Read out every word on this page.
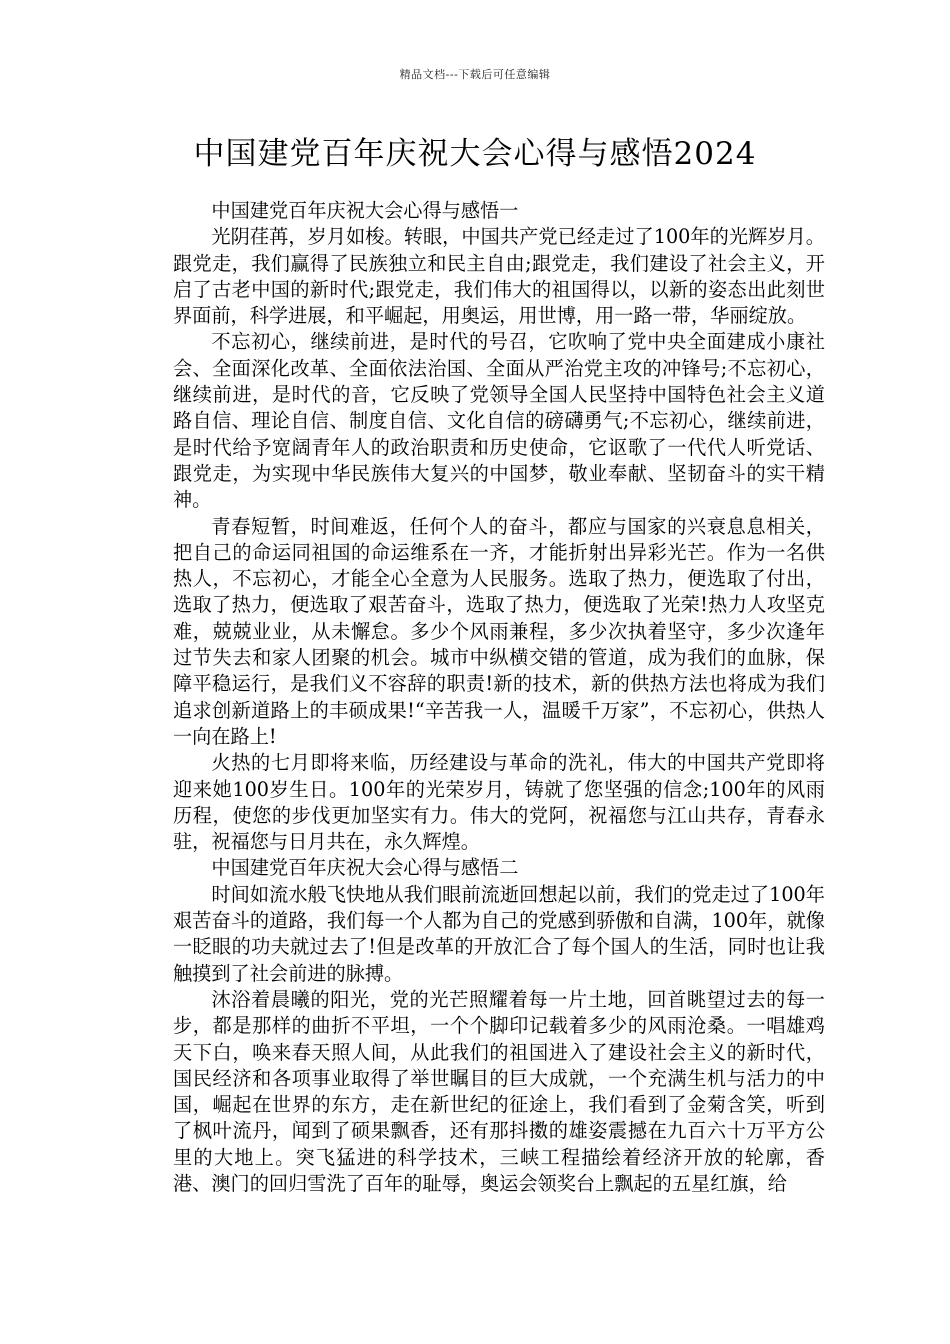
精品文档---下载后可任意编辑
中国建党百年庆祝大会心得与感悟2024

中国建党百年庆祝大会心得与感悟一

光阴荏苒，岁月如梭。转眼，中国共产党已经走过了100年的光辉岁月。跟党走，我们赢得了民族独立和民主自由;跟党走，我们建设了社会主义，开启了古老中国的新时代;跟党走，我们伟大的祖国得以，以新的姿态出此刻世界面前，科学进展，和平崛起，用奥运，用世博，用一路一带，华丽绽放。

不忘初心，继续前进，是时代的号召，它吹响了党中央全面建成小康社会、全面深化改革、全面依法治国、全面从严治党主攻的冲锋号;不忘初心，继续前进，是时代的音，它反映了党领导全国人民坚持中国特色社会主义道路自信、理论自信、制度自信、文化自信的磅礴勇气;不忘初心，继续前进，是时代给予宽阔青年人的政治职责和历史使命，它讴歌了一代代人听党话、跟党走，为实现中华民族伟大复兴的中国梦，敬业奉献、坚韧奋斗的实干精神。

青春短暂，时间难返，任何个人的奋斗，都应与国家的兴衰息息相关，把自己的命运同祖国的命运维系在一齐，才能折射出异彩光芒。作为一名供热人，不忘初心，才能全心全意为人民服务。选取了热力，便选取了付出，选取了热力，便选取了艰苦奋斗，选取了热力，便选取了光荣!热力人攻坚克难，兢兢业业，从未懈怠。多少个风雨兼程，多少次执着坚守，多少次逢年过节失去和家人团聚的机会。城市中纵横交错的管道，成为我们的血脉，保障平稳运行，是我们义不容辞的职责!新的技术，新的供热方法也将成为我们追求创新道路上的丰硕成果!“辛苦我一人，温暖千万家”，不忘初心，供热人一向在路上!

火热的七月即将来临，历经建设与革命的洗礼，伟大的中国共产党即将迎来她100岁生日。100年的光荣岁月，铸就了您坚强的信念;100年的风雨历程，使您的步伐更加坚实有力。伟大的党阿，祝福您与江山共存，青春永驻，祝福您与日月共在，永久辉煌。

中国建党百年庆祝大会心得与感悟二

时间如流水般飞快地从我们眼前流逝回想起以前，我们的党走过了100年艰苦奋斗的道路，我们每一个人都为自己的党感到骄傲和自满，100年，就像一眨眼的功夫就过去了!但是改革的开放汇合了每个国人的生活，同时也让我触摸到了社会前进的脉搏。

沐浴着晨曦的阳光，党的光芒照耀着每一片土地，回首眺望过去的每一步，都是那样的曲折不平坦，一个个脚印记载着多少的风雨沧桑。一唱雄鸡天下白，唤来春天照人间，从此我们的祖国进入了建设社会主义的新时代，国民经济和各项事业取得了举世瞩目的巨大成就，一个充满生机与活力的中国，崛起在世界的东方，走在新世纪的征途上，我们看到了金菊含笑，听到了枫叶流丹，闻到了硕果飘香，还有那抖擞的雄姿震撼在九百六十万平方公里的大地上。突飞猛进的科学技术，三峡工程描绘着经济开放的轮廓，香港、澳门的回归雪洗了百年的耻辱，奥运会领奖台上飘起的五星红旗，给
